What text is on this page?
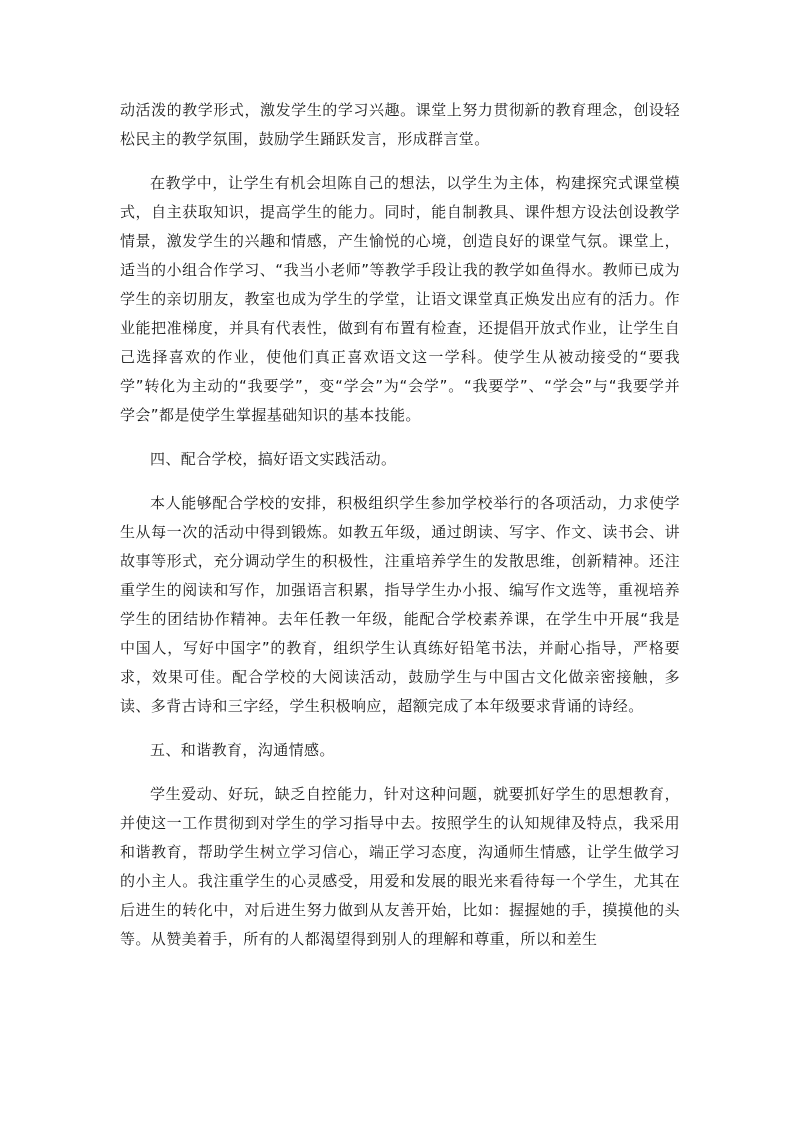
动活泼的教学形式，激发学生的学习兴趣。课堂上努力贯彻新的教育理念，创设轻松民主的教学氛围，鼓励学生踊跃发言，形成群言堂。

在教学中，让学生有机会坦陈自己的想法，以学生为主体，构建探究式课堂模式，自主获取知识，提高学生的能力。同时，能自制教具、课件想方设法创设教学情景，激发学生的兴趣和情感，产生愉悦的心境，创造良好的课堂气氛。课堂上，适当的小组合作学习、“我当小老师”等教学手段让我的教学如鱼得水。教师已成为学生的亲切朋友，教室也成为学生的学堂，让语文课堂真正焕发出应有的活力。作业能把准梯度，并具有代表性，做到有布置有检查，还提倡开放式作业，让学生自己选择喜欢的作业，使他们真正喜欢语文这一学科。使学生从被动接受的“要我学”转化为主动的“我要学”，变“学会”为“会学”。“我要学”、“学会”与“我要学并学会”都是使学生掌握基础知识的基本技能。

四、配合学校，搞好语文实践活动。

本人能够配合学校的安排，积极组织学生参加学校举行的各项活动，力求使学生从每一次的活动中得到锻炼。如教五年级，通过朗读、写字、作文、读书会、讲故事等形式，充分调动学生的积极性，注重培养学生的发散思维，创新精神。还注重学生的阅读和写作，加强语言积累，指导学生办小报、编写作文选等，重视培养学生的团结协作精神。去年任教一年级，能配合学校素养课，在学生中开展“我是中国人，写好中国字”的教育，组织学生认真练好铅笔书法，并耐心指导，严格要求，效果可佳。配合学校的大阅读活动，鼓励学生与中国古文化做亲密接触，多读、多背古诗和三字经，学生积极响应，超额完成了本年级要求背诵的诗经。

五、和谐教育，沟通情感。

学生爱动、好玩，缺乏自控能力，针对这种问题，就要抓好学生的思想教育，并使这一工作贯彻到对学生的学习指导中去。按照学生的认知规律及特点，我采用和谐教育，帮助学生树立学习信心，端正学习态度，沟通师生情感，让学生做学习的小主人。我注重学生的心灵感受，用爱和发展的眼光来看待每一个学生，尤其在后进生的转化中，对后进生努力做到从友善开始，比如：握握她的手，摸摸他的头等。从赞美着手，所有的人都渴望得到别人的理解和尊重，所以和差生
